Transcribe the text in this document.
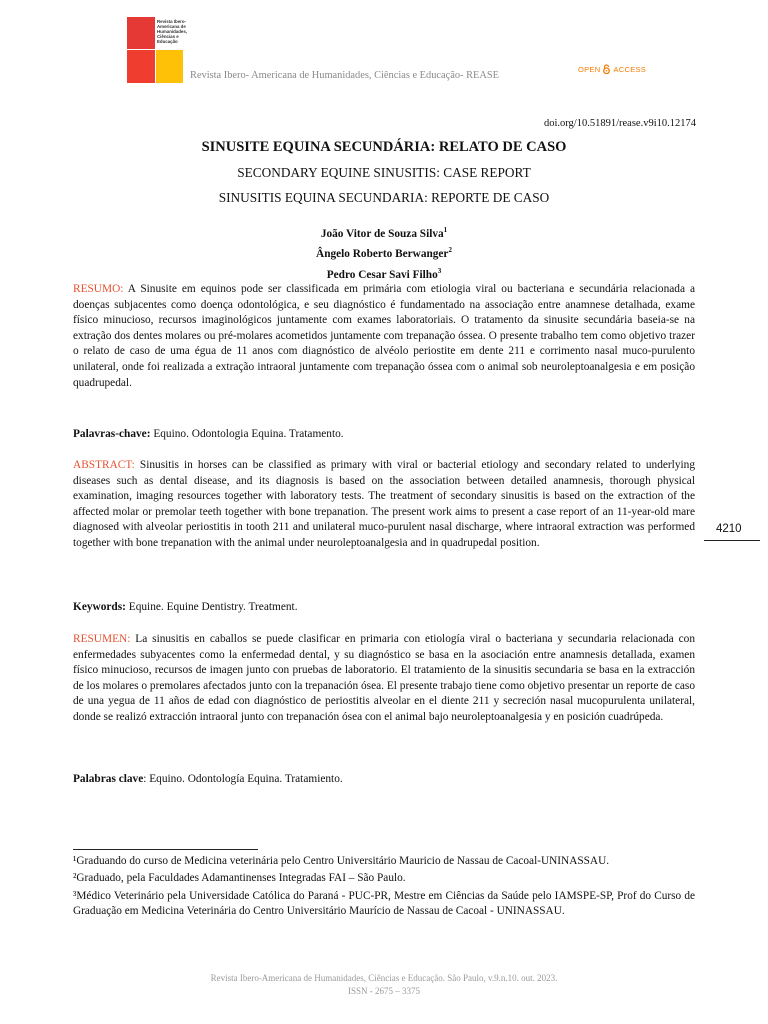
Revista Ibero-Americana de Humanidades, Ciências e Educação
Revista Ibero- Americana de Humanidades, Ciências e Educação- REASE
OPEN ACCESS
doi.org/10.51891/rease.v9i10.12174
SINUSITE EQUINA SECUNDÁRIA: RELATO DE CASO
SECONDARY EQUINE SINUSITIS: CASE REPORT
SINUSITIS EQUINA SECUNDARIA: REPORTE DE CASO
João Vitor de Souza Silva$^1$
Ângelo Roberto Berwanger$^2$
Pedro Cesar Savi Filho$^3$
RESUMO: A Sinusite em equinos pode ser classificada em primária com etiologia viral ou bacteriana e secundária relacionada a doenças subjacentes como doença odontológica, e seu diagnóstico é fundamentado na associação entre anamnese detalhada, exame físico minucioso, recursos imaginológicos juntamente com exames laboratoriais. O tratamento da sinusite secundária baseia-se na extração dos dentes molares ou pré-molares acometidos juntamente com trepanação óssea. O presente trabalho tem como objetivo trazer o relato de caso de uma égua de 11 anos com diagnóstico de alvéolo periostite em dente 211 e corrimento nasal muco-purulento unilateral, onde foi realizada a extração intraoral juntamente com trepanação óssea com o animal sob neuroleptoanalgesia e em posição quadrupedal.
Palavras-chave: Equino. Odontologia Equina. Tratamento.
ABSTRACT: Sinusitis in horses can be classified as primary with viral or bacterial etiology and secondary related to underlying diseases such as dental disease, and its diagnosis is based on the association between detailed anamnesis, thorough physical examination, imaging resources together with laboratory tests. The treatment of secondary sinusitis is based on the extraction of the affected molar or premolar teeth together with bone trepanation. The present work aims to present a case report of an 11-year-old mare diagnosed with alveolar periostitis in tooth 211 and unilateral muco-purulent nasal discharge, where intraoral extraction was performed together with bone trepanation with the animal under neuroleptoanalgesia and in quadrupedal position.
4210
Keywords: Equine. Equine Dentistry. Treatment.
RESUMEN: La sinusitis en caballos se puede clasificar en primaria con etiología viral o bacteriana y secundaria relacionada con enfermedades subyacentes como la enfermedad dental, y su diagnóstico se basa en la asociación entre anamnesis detallada, examen físico minucioso, recursos de imagen junto con pruebas de laboratorio. El tratamiento de la sinusitis secundaria se basa en la extracción de los molares o premolares afectados junto con la trepanación ósea. El presente trabajo tiene como objetivo presentar un reporte de caso de una yegua de 11 años de edad con diagnóstico de periostitis alveolar en el diente 211 y secreción nasal mucopurulenta unilateral, donde se realizó extracción intraoral junto con trepanación ósea con el animal bajo neuroleptoanalgesia y en posición cuadrúpeda.
Palabras clave: Equino. Odontología Equina. Tratamiento.

¹Graduando do curso de Medicina veterinária pelo Centro Universitário Mauricio de Nassau de Cacoal-UNINASSAU.

²Graduado, pela Faculdades Adamantinenses Integradas FAI – São Paulo.

³Médico Veterinário pela Universidade Católica do Paraná - PUC-PR, Mestre em Ciências da Saúde pelo IAMSPE-SP, Prof do Curso de Graduação em Medicina Veterinária do Centro Universitário Maurício de Nassau de Cacoal - UNINASSAU.

Revista Ibero-Americana de Humanidades, Ciências e Educação. São Paulo, v.9.n.10. out. 2023.
ISSN - 2675 – 3375
